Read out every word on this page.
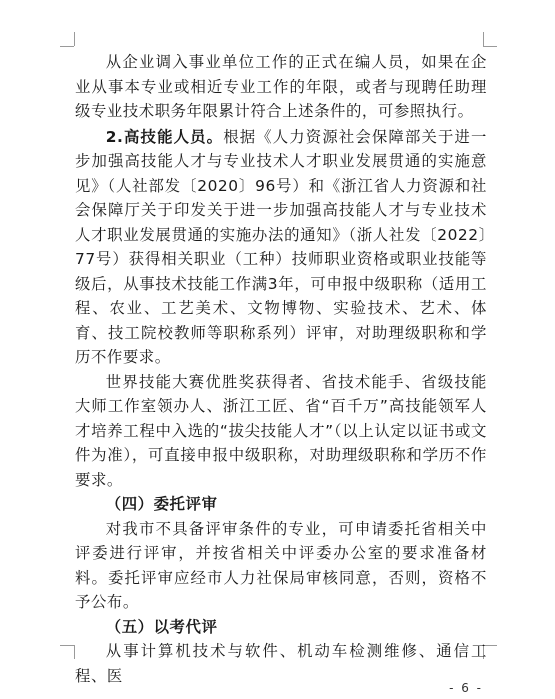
从企业调入事业单位工作的正式在编人员，如果在企业从事本专业或相近专业工作的年限，或者与现聘任助理级专业技术职务年限累计符合上述条件的，可参照执行。

2.高技能人员。根据《人力资源社会保障部关于进一步加强高技能人才与专业技术人才职业发展贯通的实施意见》（人社部发〔2020〕96号）和《浙江省人力资源和社会保障厅关于印发关于进一步加强高技能人才与专业技术人才职业发展贯通的实施办法的通知》（浙人社发〔2022〕77号）获得相关职业（工种）技师职业资格或职业技能等级后，从事技术技能工作满3年，可申报中级职称（适用工程、农业、工艺美术、文物博物、实验技术、艺术、体育、技工院校教师等职称系列）评审，对助理级职称和学历不作要求。

世界技能大赛优胜奖获得者、省技术能手、省级技能大师工作室领办人、浙江工匠、省“百千万”高技能领军人才培养工程中入选的“拔尖技能人才”（以上认定以证书或文件为准），可直接申报中级职称，对助理级职称和学历不作要求。

（四）委托评审

对我市不具备评审条件的专业，可申请委托省相关中评委进行评审，并按省相关中评委办公室的要求准备材料。委托评审应经市人力社保局审核同意，否则，资格不予公布。

（五）以考代评

从事计算机技术与软件、机动车检测维修、通信工程、医

- 6 -
